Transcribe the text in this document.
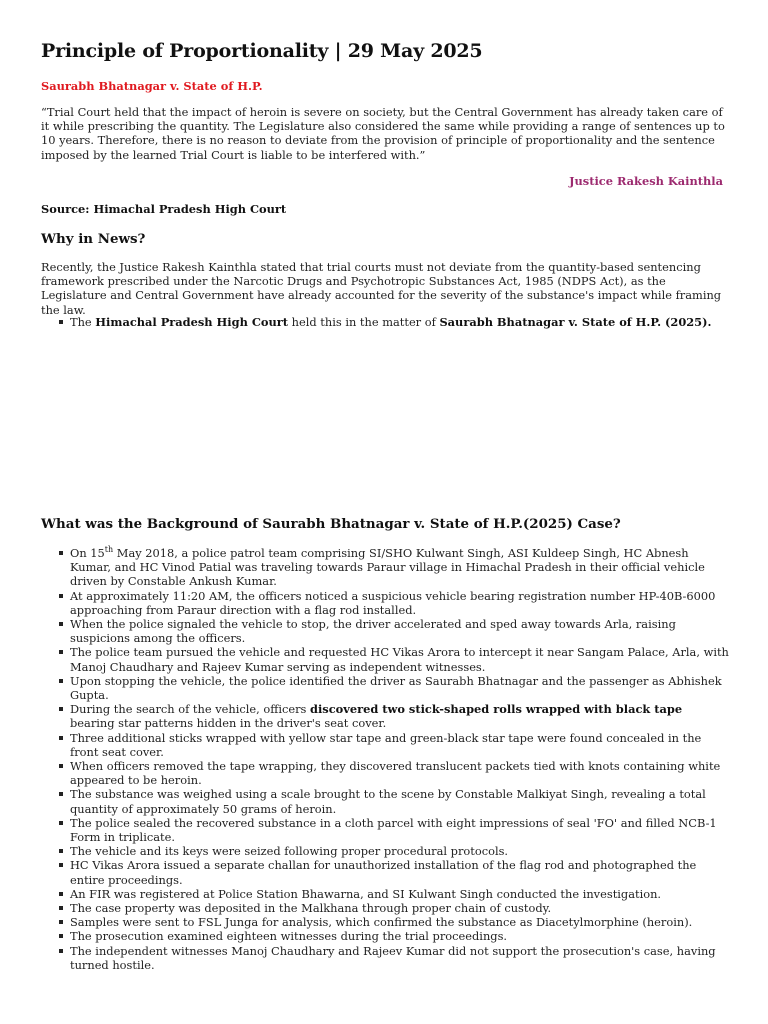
Principle of Proportionality | 29 May 2025

Saurabh Bhatnagar v. State of H.P.

“Trial Court held that the impact of heroin is severe on society, but the Central Government has already taken care of it while prescribing the quantity. The Legislature also considered the same while providing a range of sentences up to 10 years. Therefore, there is no reason to deviate from the provision of principle of proportionality and the sentence imposed by the learned Trial Court is liable to be interfered with.”

Justice Rakesh Kainthla

Source: Himachal Pradesh High Court

Why in News?

Recently, the Justice Rakesh Kainthla stated that trial courts must not deviate from the quantity-based sentencing framework prescribed under the Narcotic Drugs and Psychotropic Substances Act, 1985 (NDPS Act), as the Legislature and Central Government have already accounted for the severity of the substance's impact while framing the law.

The Himachal Pradesh High Court held this in the matter of Saurabh Bhatnagar v. State of H.P. (2025).

What was the Background of Saurabh Bhatnagar v. State of H.P.(2025) Case?

On 15th May 2018, a police patrol team comprising SI/SHO Kulwant Singh, ASI Kuldeep Singh, HC Abnesh Kumar, and HC Vinod Patial was traveling towards Paraur village in Himachal Pradesh in their official vehicle driven by Constable Ankush Kumar.
At approximately 11:20 AM, the officers noticed a suspicious vehicle bearing registration number HP-40B-6000 approaching from Paraur direction with a flag rod installed.
When the police signaled the vehicle to stop, the driver accelerated and sped away towards Arla, raising suspicions among the officers.
The police team pursued the vehicle and requested HC Vikas Arora to intercept it near Sangam Palace, Arla, with Manoj Chaudhary and Rajeev Kumar serving as independent witnesses.
Upon stopping the vehicle, the police identified the driver as Saurabh Bhatnagar and the passenger as Abhishek Gupta.
During the search of the vehicle, officers discovered two stick-shaped rolls wrapped with black tape bearing star patterns hidden in the driver's seat cover.
Three additional sticks wrapped with yellow star tape and green-black star tape were found concealed in the front seat cover.
When officers removed the tape wrapping, they discovered translucent packets tied with knots containing white appeared to be heroin.
The substance was weighed using a scale brought to the scene by Constable Malkiyat Singh, revealing a total quantity of approximately 50 grams of heroin.
The police sealed the recovered substance in a cloth parcel with eight impressions of seal 'FO' and filled NCB-1 Form in triplicate.
The vehicle and its keys were seized following proper procedural protocols.
HC Vikas Arora issued a separate challan for unauthorized installation of the flag rod and photographed the entire proceedings.
An FIR was registered at Police Station Bhawarna, and SI Kulwant Singh conducted the investigation.
The case property was deposited in the Malkhana through proper chain of custody.
Samples were sent to FSL Junga for analysis, which confirmed the substance as Diacetylmorphine (heroin).
The prosecution examined eighteen witnesses during the trial proceedings.
The independent witnesses Manoj Chaudhary and Rajeev Kumar did not support the prosecution's case, having turned hostile.
